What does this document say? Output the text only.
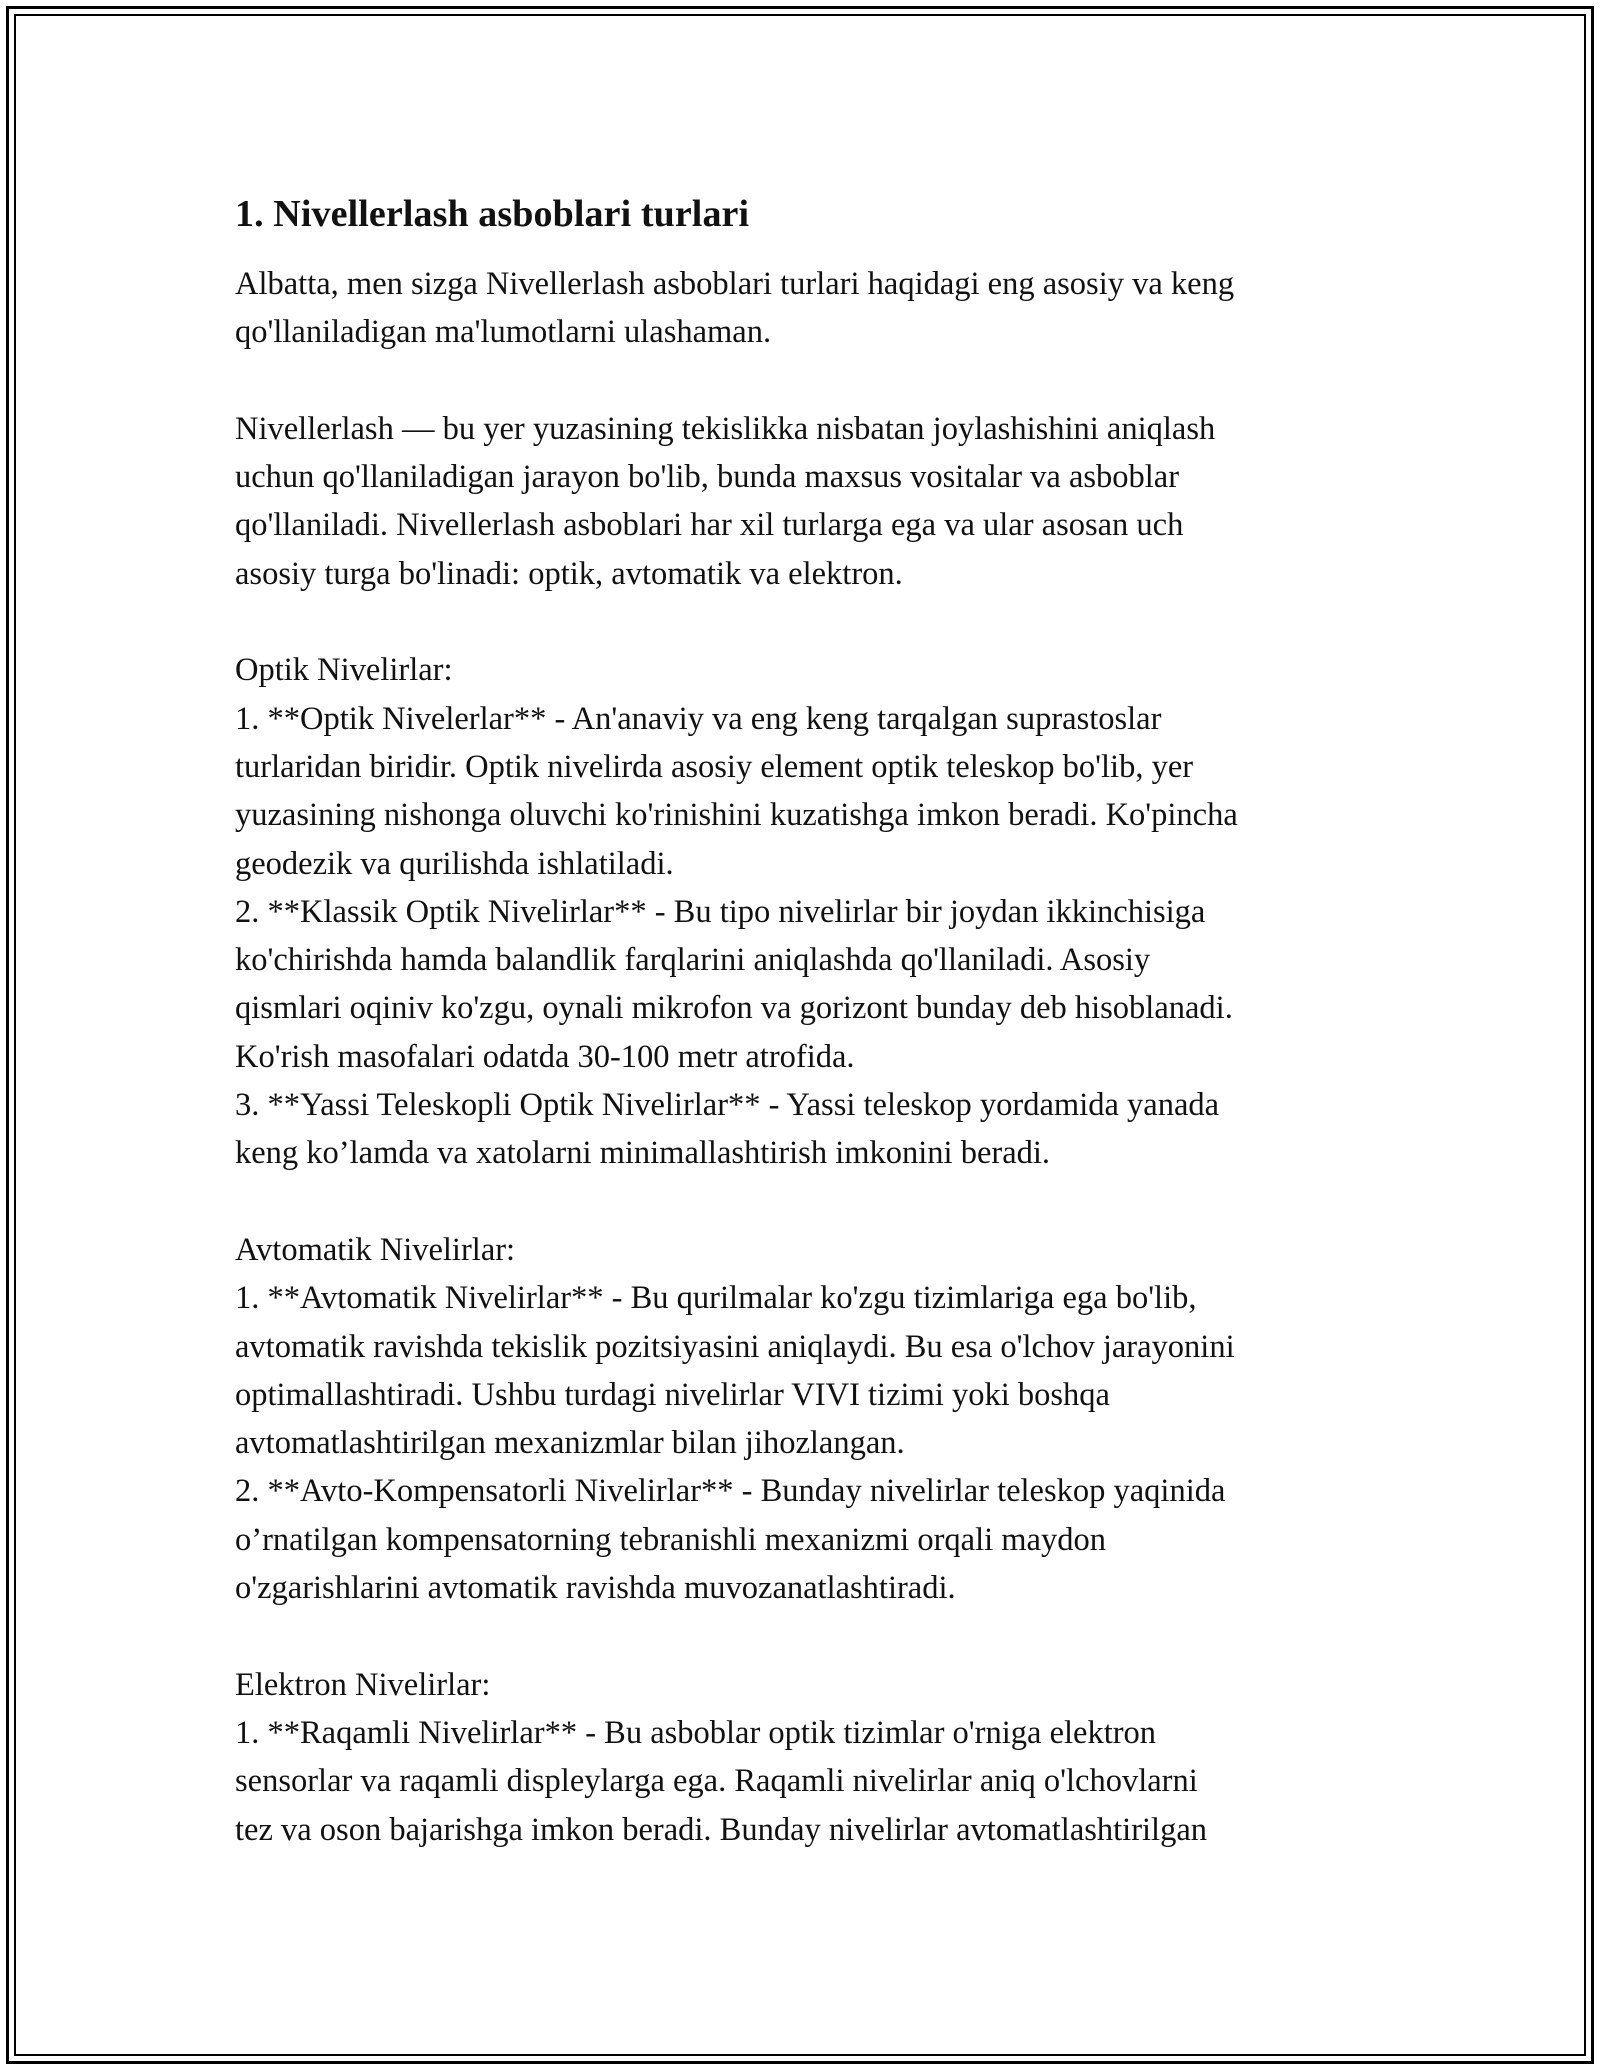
1. Nivellerlash asboblari turlari
Albatta, men sizga Nivellerlash asboblari turlari haqidagi eng asosiy va keng
qo'llaniladigan ma'lumotlarni ulashaman.
Nivellerlash — bu yer yuzasining tekislikka nisbatan joylashishini aniqlash
uchun qo'llaniladigan jarayon bo'lib, bunda maxsus vositalar va asboblar
qo'llaniladi. Nivellerlash asboblari har xil turlarga ega va ular asosan uch
asosiy turga bo'linadi: optik, avtomatik va elektron.
Optik Nivelirlar:
1. **Optik Nivelerlar** - An'anaviy va eng keng tarqalgan suprastoslar
turlaridan biridir. Optik nivelirda asosiy element optik teleskop bo'lib, yer
yuzasining nishonga oluvchi ko'rinishini kuzatishga imkon beradi. Ko'pincha
geodezik va qurilishda ishlatiladi.
2. **Klassik Optik Nivelirlar** - Bu tipo nivelirlar bir joydan ikkinchisiga
ko'chirishda hamda balandlik farqlarini aniqlashda qo'llaniladi. Asosiy
qismlari oqiniv ko'zgu, oynali mikrofon va gorizont bunday deb hisoblanadi.
Ko'rish masofalari odatda 30-100 metr atrofida.
3. **Yassi Teleskopli Optik Nivelirlar** - Yassi teleskop yordamida yanada
keng ko’lamda va xatolarni minimallashtirish imkonini beradi.
Avtomatik Nivelirlar:
1. **Avtomatik Nivelirlar** - Bu qurilmalar ko'zgu tizimlariga ega bo'lib,
avtomatik ravishda tekislik pozitsiyasini aniqlaydi. Bu esa o'lchov jarayonini
optimallashtiradi. Ushbu turdagi nivelirlar VIVI tizimi yoki boshqa
avtomatlashtirilgan mexanizmlar bilan jihozlangan.
2. **Avto-Kompensatorli Nivelirlar** - Bunday nivelirlar teleskop yaqinida
o’rnatilgan kompensatorning tebranishli mexanizmi orqali maydon
o'zgarishlarini avtomatik ravishda muvozanatlashtiradi.
Elektron Nivelirlar:
1. **Raqamli Nivelirlar** - Bu asboblar optik tizimlar o'rniga elektron
sensorlar va raqamli displeylarga ega. Raqamli nivelirlar aniq o'lchovlarni
tez va oson bajarishga imkon beradi. Bunday nivelirlar avtomatlashtirilgan
